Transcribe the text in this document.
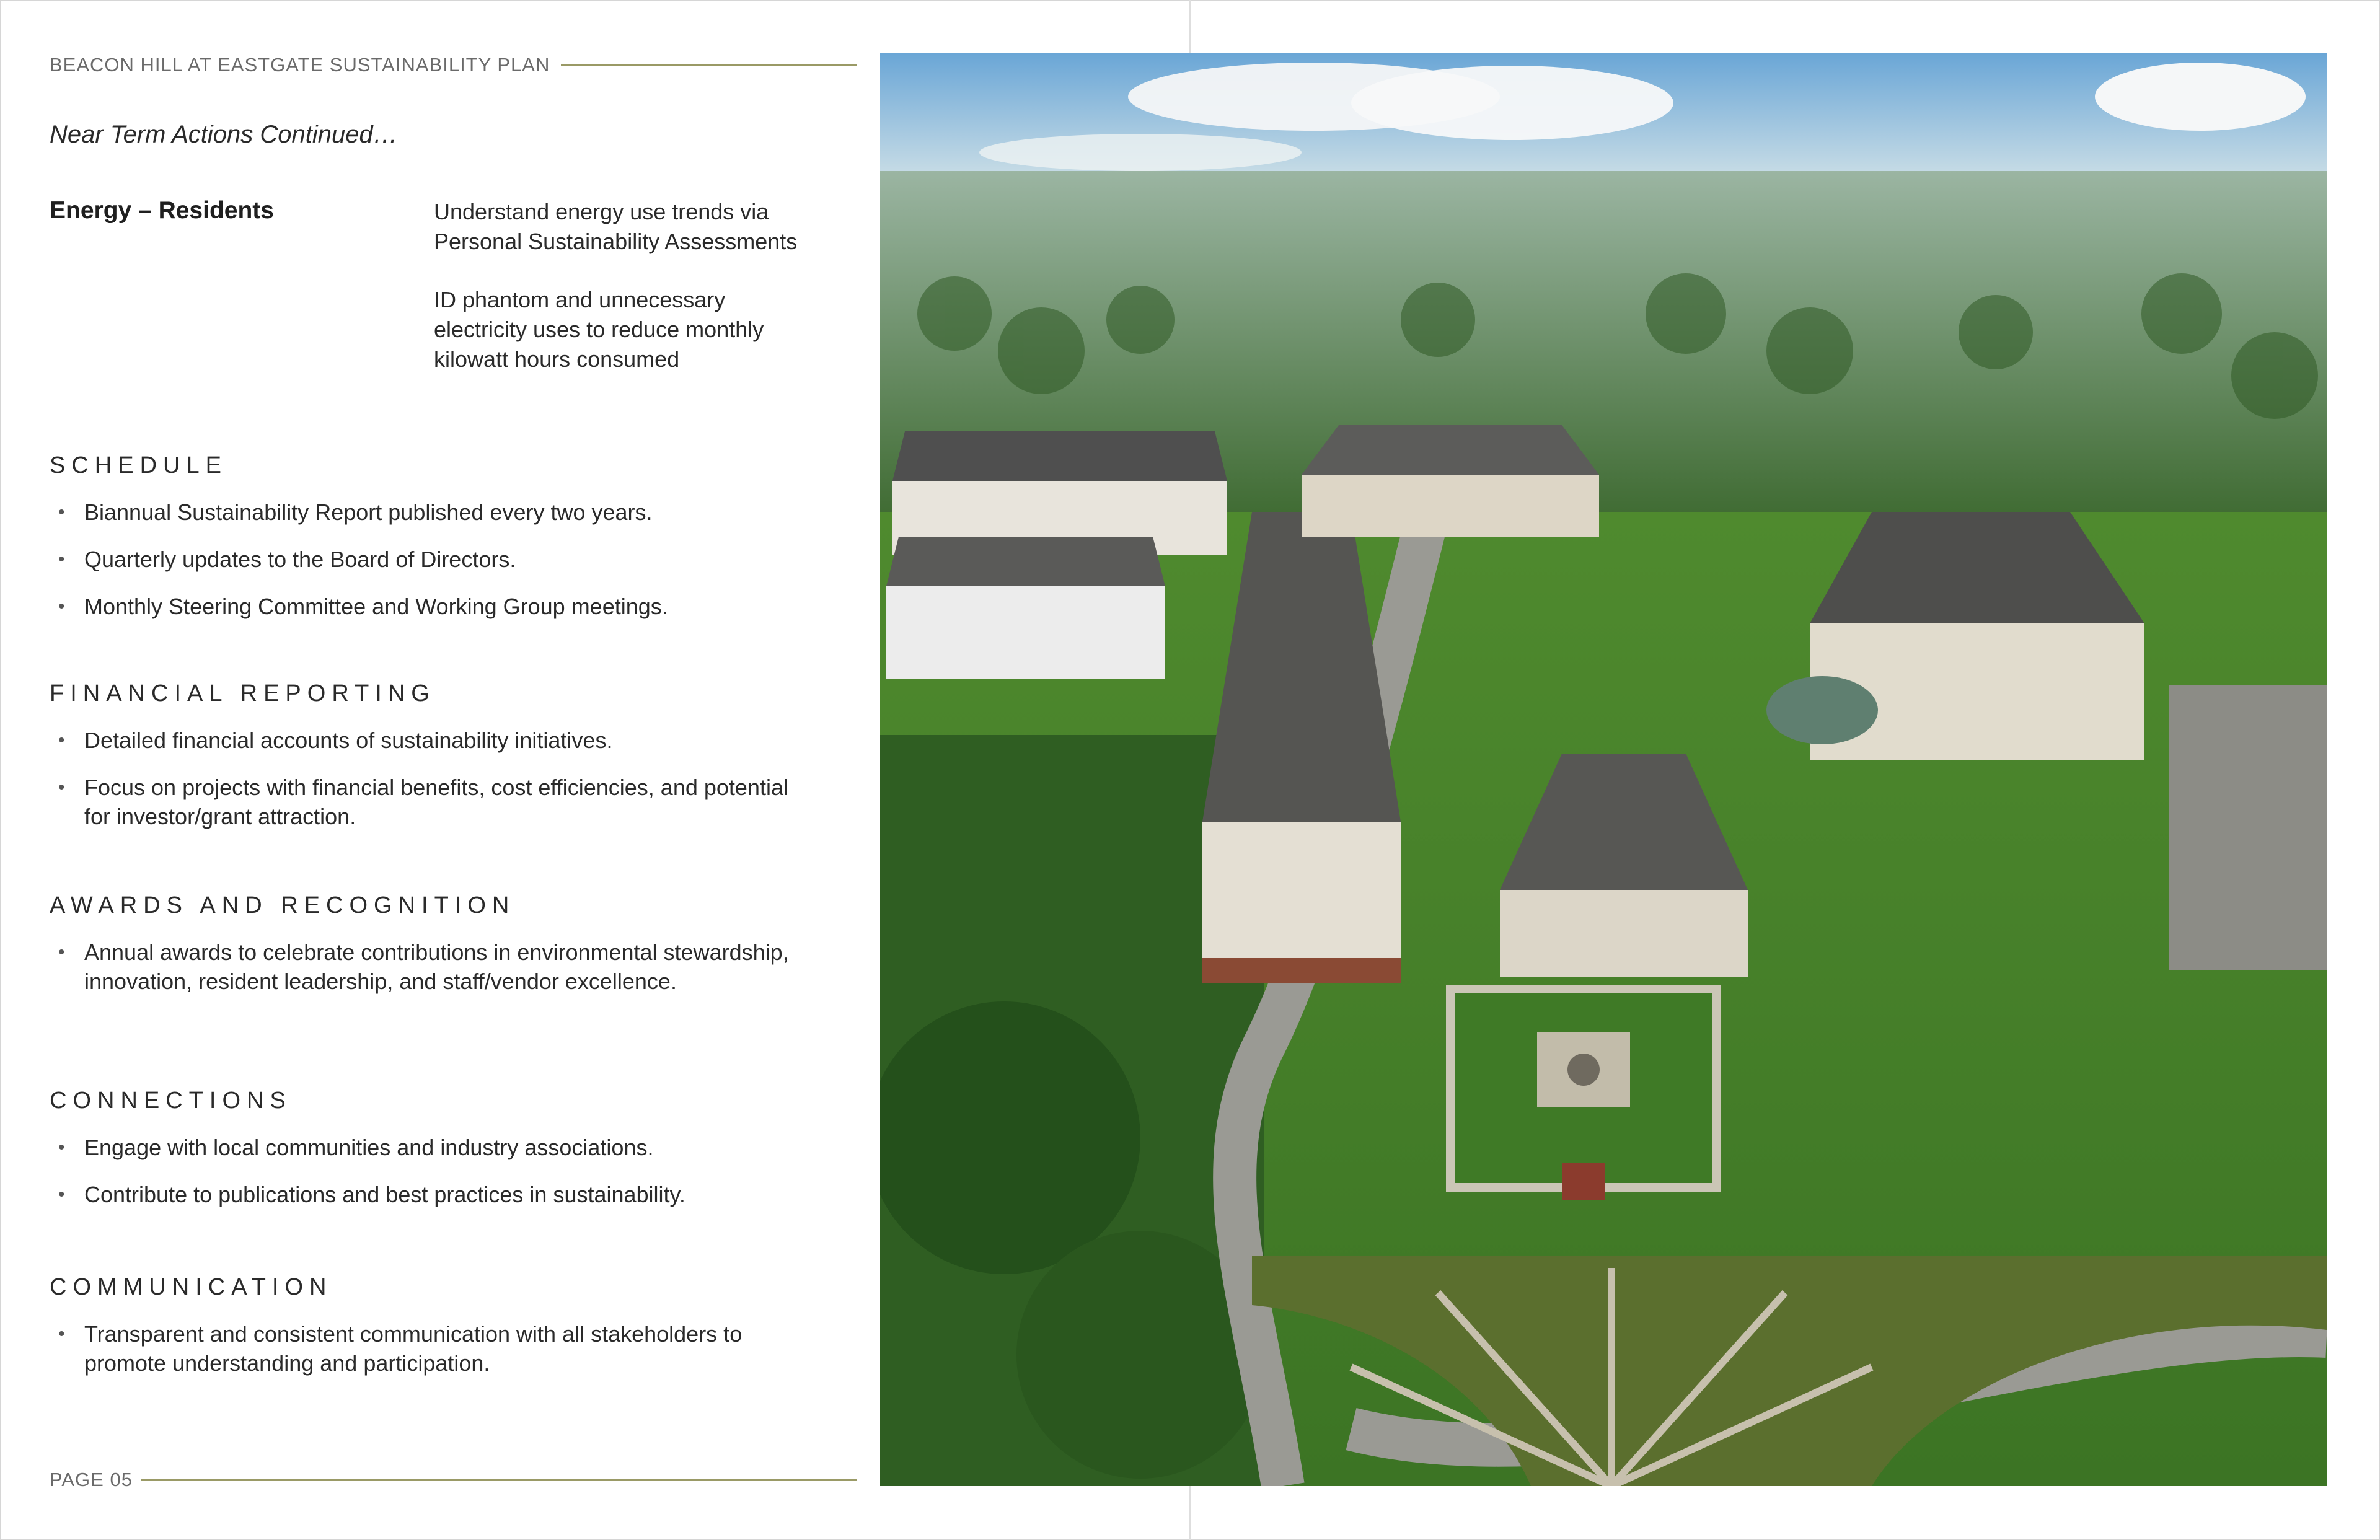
BEACON HILL AT EASTGATE SUSTAINABILITY PLAN
Near Term Actions Continued…
Energy – Residents	Understand energy use trends via Personal Sustainability Assessments

ID phantom and unnecessary electricity uses to reduce monthly kilowatt hours consumed

SCHEDULE
• Biannual Sustainability Report published every two years.
• Quarterly updates to the Board of Directors.
• Monthly Steering Committee and Working Group meetings.
FINANCIAL REPORTING
• Detailed financial accounts of sustainability initiatives.
• Focus on projects with financial benefits, cost efficiencies, and potential for investor/grant attraction.
AWARDS AND RECOGNITION
• Annual awards to celebrate contributions in environmental stewardship, innovation, resident leadership, and staff/vendor excellence.
CONNECTIONS
• Engage with local communities and industry associations.
• Contribute to publications and best practices in sustainability.
COMMUNICATION
• Transparent and consistent communication with all stakeholders to promote understanding and participation.
PAGE 05
